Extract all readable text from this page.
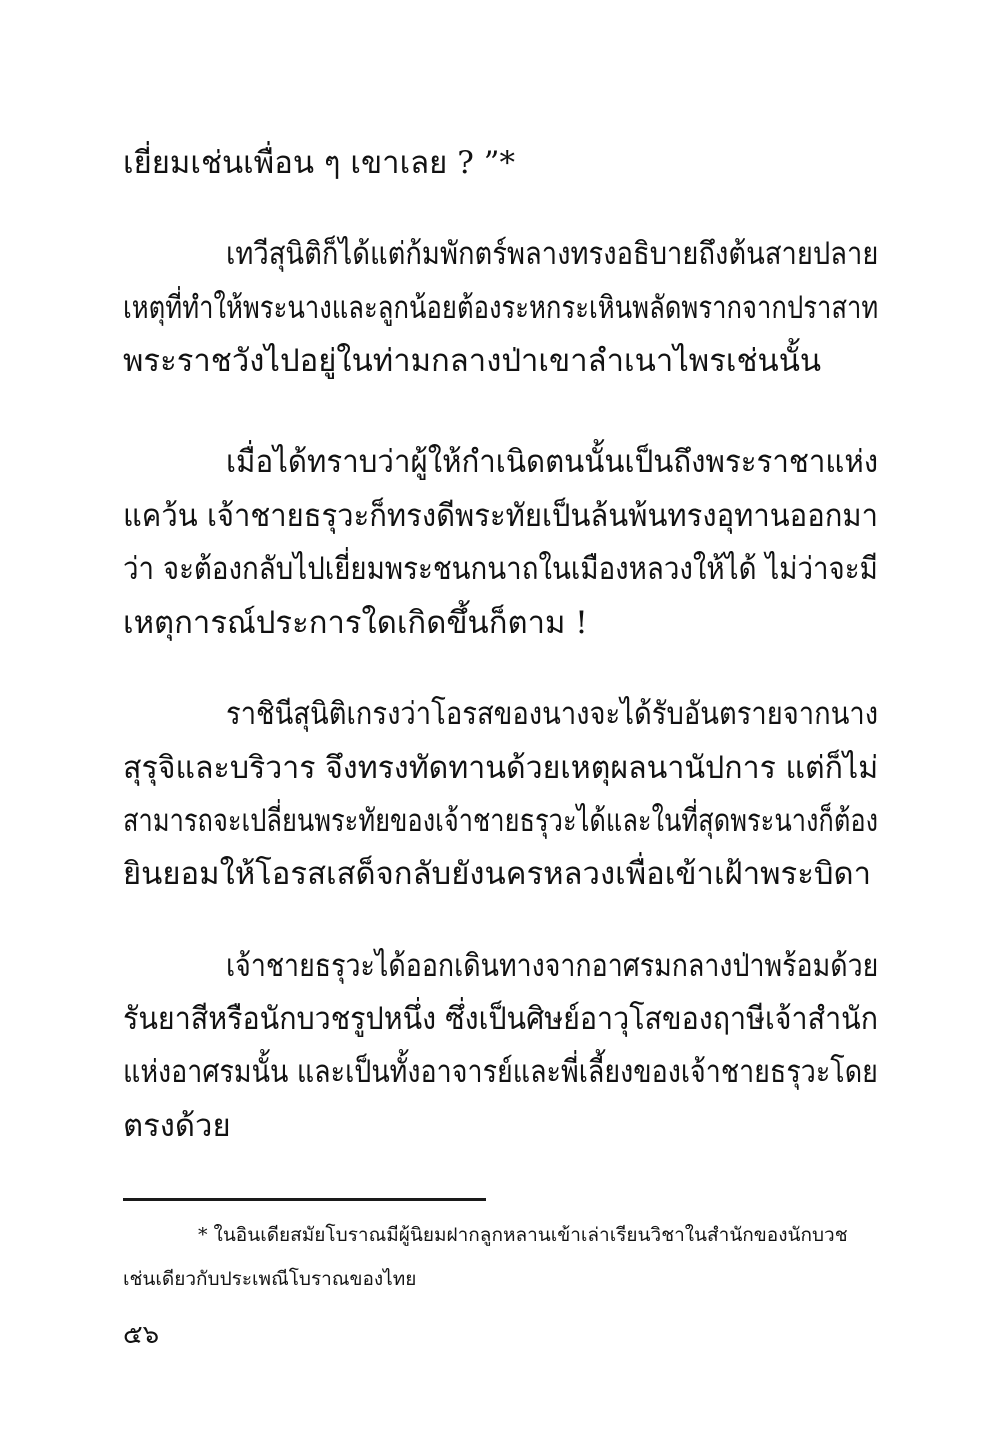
เยี่ยมเช่นเพื่อน ๆ เขาเลย ? ”*
เทวีสุนิติก็ได้แต่ก้มพักตร์พลางทรงอธิบายถึงต้นสายปลาย
เหตุที่ทำให้พระนางและลูกน้อยต้องระหกระเหินพลัดพรากจากปราสาท
พระราชวังไปอยู่ในท่ามกลางป่าเขาลำเนาไพรเช่นนั้น
เมื่อได้ทราบว่าผู้ให้กำเนิดตนนั้นเป็นถึงพระราชาแห่ง
แคว้น เจ้าชายธรุวะก็ทรงดีพระทัยเป็นล้นพ้นทรงอุทานออกมา
ว่า จะต้องกลับไปเยี่ยมพระชนกนาถในเมืองหลวงให้ได้ ไม่ว่าจะมี
เหตุการณ์ประการใดเกิดขึ้นก็ตาม !
ราชินีสุนิติเกรงว่าโอรสของนางจะได้รับอันตรายจากนาง
สุรุจิและบริวาร จึงทรงทัดทานด้วยเหตุผลนานัปการ แต่ก็ไม่
สามารถจะเปลี่ยนพระทัยของเจ้าชายธรุวะได้และในที่สุดพระนางก็ต้อง
ยินยอมให้โอรสเสด็จกลับยังนครหลวงเพื่อเข้าเฝ้าพระบิดา
เจ้าชายธรุวะได้ออกเดินทางจากอาศรมกลางป่าพร้อมด้วย
รันยาสีหรือนักบวชรูปหนึ่ง ซึ่งเป็นศิษย์อาวุโสของฤาษีเจ้าสำนัก
แห่งอาศรมนั้น และเป็นทั้งอาจารย์และพี่เลี้ยงของเจ้าชายธรุวะโดย
ตรงด้วย
* ในอินเดียสมัยโบราณมีผู้นิยมฝากลูกหลานเข้าเล่าเรียนวิชาในสำนักของนักบวช
เช่นเดียวกับประเพณีโบราณของไทย
๕๖
